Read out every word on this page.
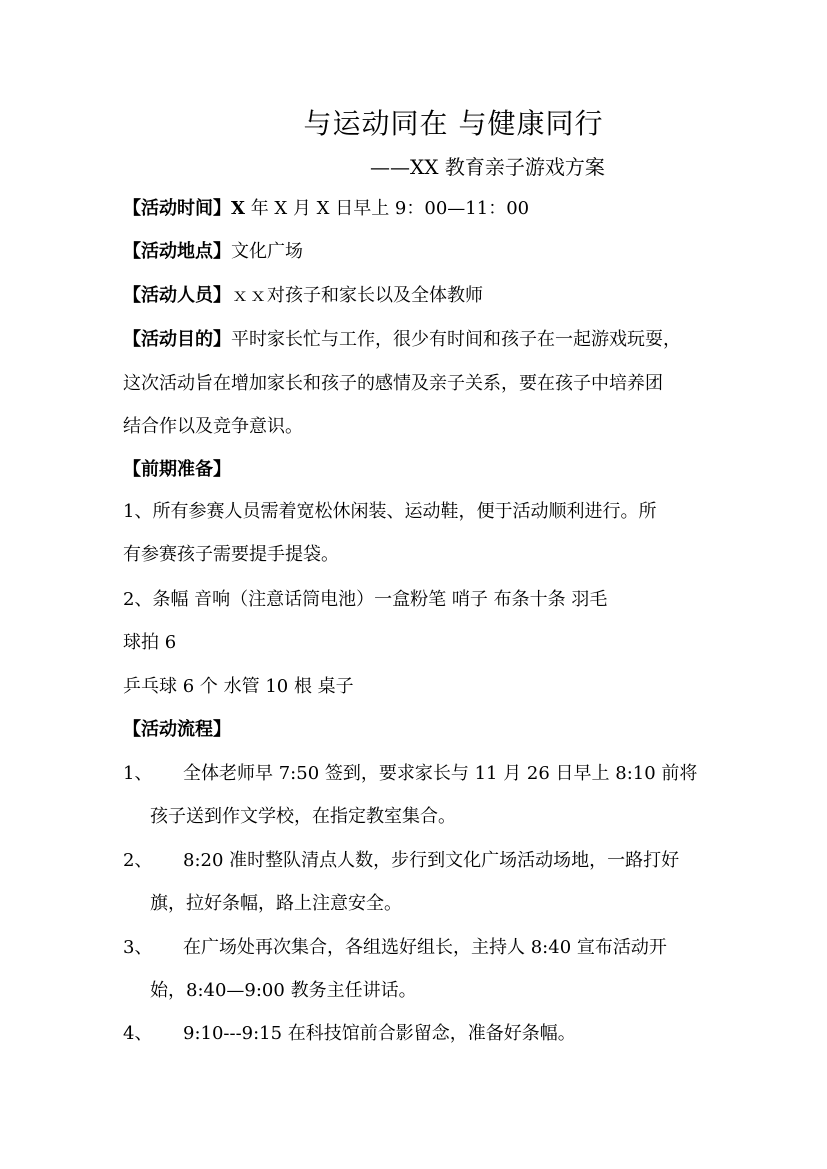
与运动同在 与健康同行
——XX 教育亲子游戏方案
【活动时间】X 年 X 月 X 日早上 9：00—11：00
【活动地点】文化广场
【活动人员】ｘｘ对孩子和家长以及全体教师
【活动目的】平时家长忙与工作，很少有时间和孩子在一起游戏玩耍，
这次活动旨在增加家长和孩子的感情及亲子关系，要在孩子中培养团
结合作以及竞争意识。
【前期准备】
1、所有参赛人员需着宽松休闲装、运动鞋，便于活动顺利进行。所
有参赛孩子需要提手提袋。
2、条幅 音响（注意话筒电池）一盒粉笔 哨子 布条十条 羽毛
球拍 6
乒乓球 6 个 水管 10 根 桌子
【活动流程】
1、 全体老师早 7:50 签到，要求家长与 11 月 26 日早上 8:10 前将
孩子送到作文学校，在指定教室集合。
2、 8:20 准时整队清点人数，步行到文化广场活动场地，一路打好
旗，拉好条幅，路上注意安全。
3、 在广场处再次集合，各组选好组长，主持人 8:40 宣布活动开
始，8:40—9:00 教务主任讲话。
4、 9:10---9:15 在科技馆前合影留念，准备好条幅。
